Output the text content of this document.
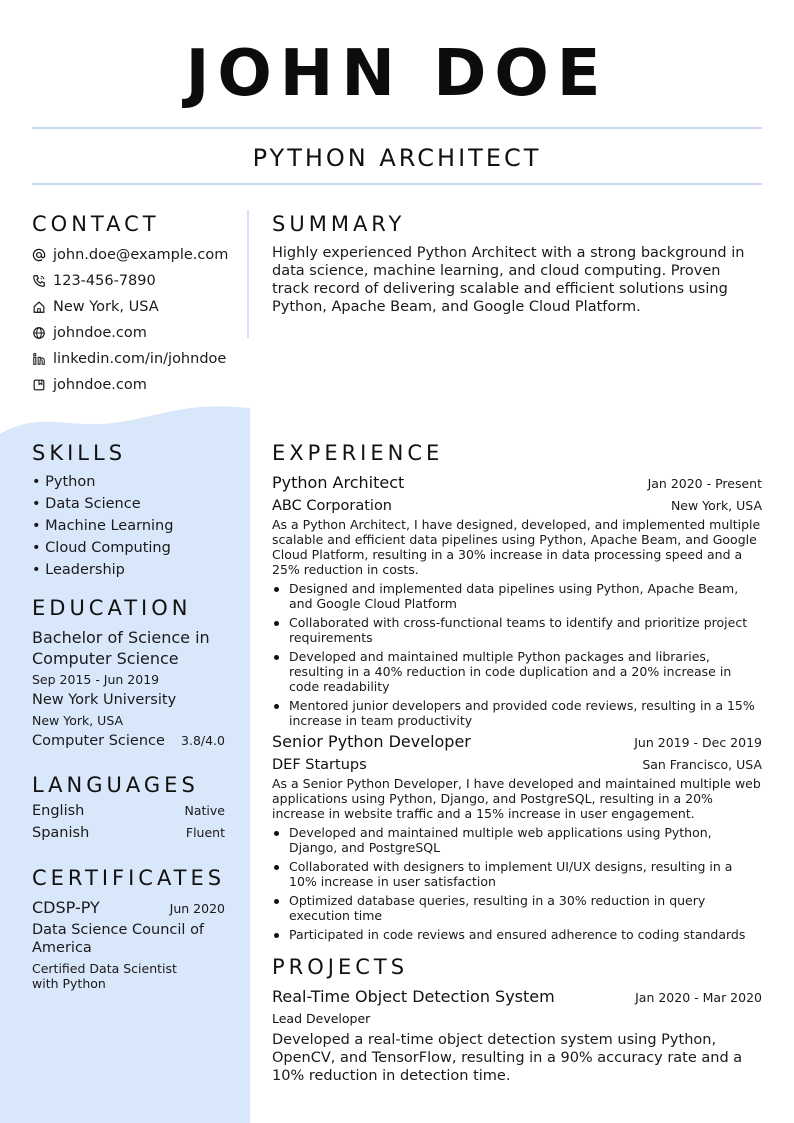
JOHN DOE
PYTHON ARCHITECT
CONTACT
john.doe@example.com
123-456-7890
New York, USA
johndoe.com
linkedin.com/in/johndoe
johndoe.com
SUMMARY

Highly experienced Python Architect with a strong background in data science, machine learning, and cloud computing. Proven track record of delivering scalable and efficient solutions using Python, Apache Beam, and Google Cloud Platform.

SKILLS
• Python
• Data Science
• Machine Learning
• Cloud Computing
• Leadership
EDUCATION
Bachelor of Science in Computer Science
Sep 2015 - Jun 2019
New York University
New York, USA
Computer Science 3.8/4.0
LANGUAGES
English	Native
Spanish	Fluent
CERTIFICATES
CDSP-PY	Jun 2020
Data Science Council of America
Certified Data Scientist with Python
EXPERIENCE
Python Architect	Jan 2020 - Present
ABC Corporation	New York, USA

As a Python Architect, I have designed, developed, and implemented multiple scalable and efficient data pipelines using Python, Apache Beam, and Google Cloud Platform, resulting in a 30% increase in data processing speed and a 25% reduction in costs.

Designed and implemented data pipelines using Python, Apache Beam, and Google Cloud Platform
Collaborated with cross-functional teams to identify and prioritize project requirements
Developed and maintained multiple Python packages and libraries, resulting in a 40% reduction in code duplication and a 20% increase in code readability
Mentored junior developers and provided code reviews, resulting in a 15% increase in team productivity
Senior Python Developer	Jun 2019 - Dec 2019
DEF Startups	San Francisco, USA

As a Senior Python Developer, I have developed and maintained multiple web applications using Python, Django, and PostgreSQL, resulting in a 20% increase in website traffic and a 15% increase in user engagement.

Developed and maintained multiple web applications using Python, Django, and PostgreSQL
Collaborated with designers to implement UI/UX designs, resulting in a 10% increase in user satisfaction
Optimized database queries, resulting in a 30% reduction in query execution time
Participated in code reviews and ensured adherence to coding standards
PROJECTS
Real-Time Object Detection System	Jan 2020 - Mar 2020
Lead Developer

Developed a real-time object detection system using Python, OpenCV, and TensorFlow, resulting in a 90% accuracy rate and a 10% reduction in detection time.
